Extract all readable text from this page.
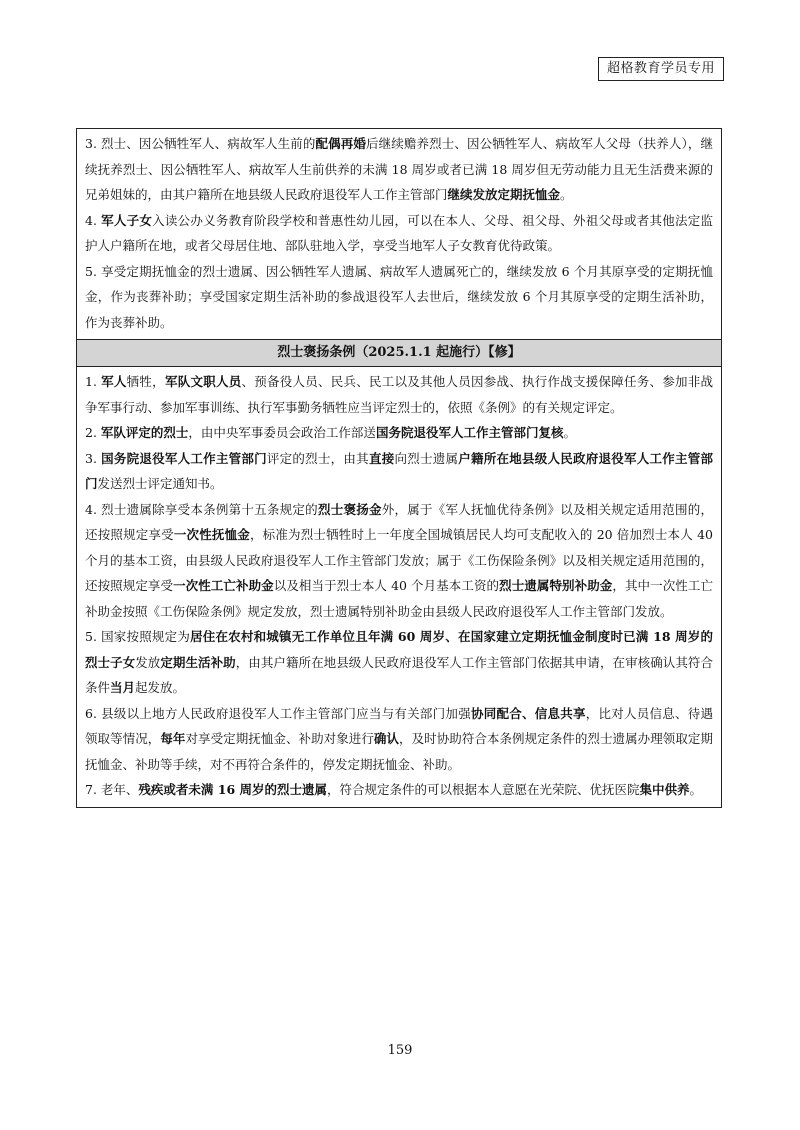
超格教育学员专用

3. 烈士、因公牺牲军人、病故军人生前的配偶再婚后继续赡养烈士、因公牺牲军人、病故军人父母（扶养人），继续抚养烈士、因公牺牲军人、病故军人生前供养的未满 18 周岁或者已满 18 周岁但无劳动能力且无生活费来源的兄弟姐妹的，由其户籍所在地县级人民政府退役军人工作主管部门继续发放定期抚恤金。

4. 军人子女入读公办义务教育阶段学校和普惠性幼儿园，可以在本人、父母、祖父母、外祖父母或者其他法定监护人户籍所在地，或者父母居住地、部队驻地入学，享受当地军人子女教育优待政策。

5. 享受定期抚恤金的烈士遗属、因公牺牲军人遗属、病故军人遗属死亡的，继续发放 6 个月其原享受的定期抚恤金，作为丧葬补助；享受国家定期生活补助的参战退役军人去世后，继续发放 6 个月其原享受的定期生活补助，作为丧葬补助。

烈士褒扬条例（2025.1.1 起施行）【修】

1. 军人牺牲，军队文职人员、预备役人员、民兵、民工以及其他人员因参战、执行作战支援保障任务、参加非战争军事行动、参加军事训练、执行军事勤务牺牲应当评定烈士的，依照《条例》的有关规定评定。

2. 军队评定的烈士，由中央军事委员会政治工作部送国务院退役军人工作主管部门复核。

3. 国务院退役军人工作主管部门评定的烈士，由其直接向烈士遗属户籍所在地县级人民政府退役军人工作主管部门发送烈士评定通知书。

4. 烈士遗属除享受本条例第十五条规定的烈士褒扬金外，属于《军人抚恤优待条例》以及相关规定适用范围的，还按照规定享受一次性抚恤金，标准为烈士牺牲时上一年度全国城镇居民人均可支配收入的 20 倍加烈士本人 40 个月的基本工资，由县级人民政府退役军人工作主管部门发放；属于《工伤保险条例》以及相关规定适用范围的，还按照规定享受一次性工亡补助金以及相当于烈士本人 40 个月基本工资的烈士遗属特别补助金，其中一次性工亡补助金按照《工伤保险条例》规定发放，烈士遗属特别补助金由县级人民政府退役军人工作主管部门发放。

5. 国家按照规定为居住在农村和城镇无工作单位且年满 60 周岁、在国家建立定期抚恤金制度时已满 18 周岁的烈士子女发放定期生活补助，由其户籍所在地县级人民政府退役军人工作主管部门依据其申请，在审核确认其符合条件当月起发放。

6. 县级以上地方人民政府退役军人工作主管部门应当与有关部门加强协同配合、信息共享，比对人员信息、待遇领取等情况，每年对享受定期抚恤金、补助对象进行确认，及时协助符合本条例规定条件的烈士遗属办理领取定期抚恤金、补助等手续，对不再符合条件的，停发定期抚恤金、补助。

7. 老年、残疾或者未满 16 周岁的烈士遗属，符合规定条件的可以根据本人意愿在光荣院、优抚医院集中供养。

159
